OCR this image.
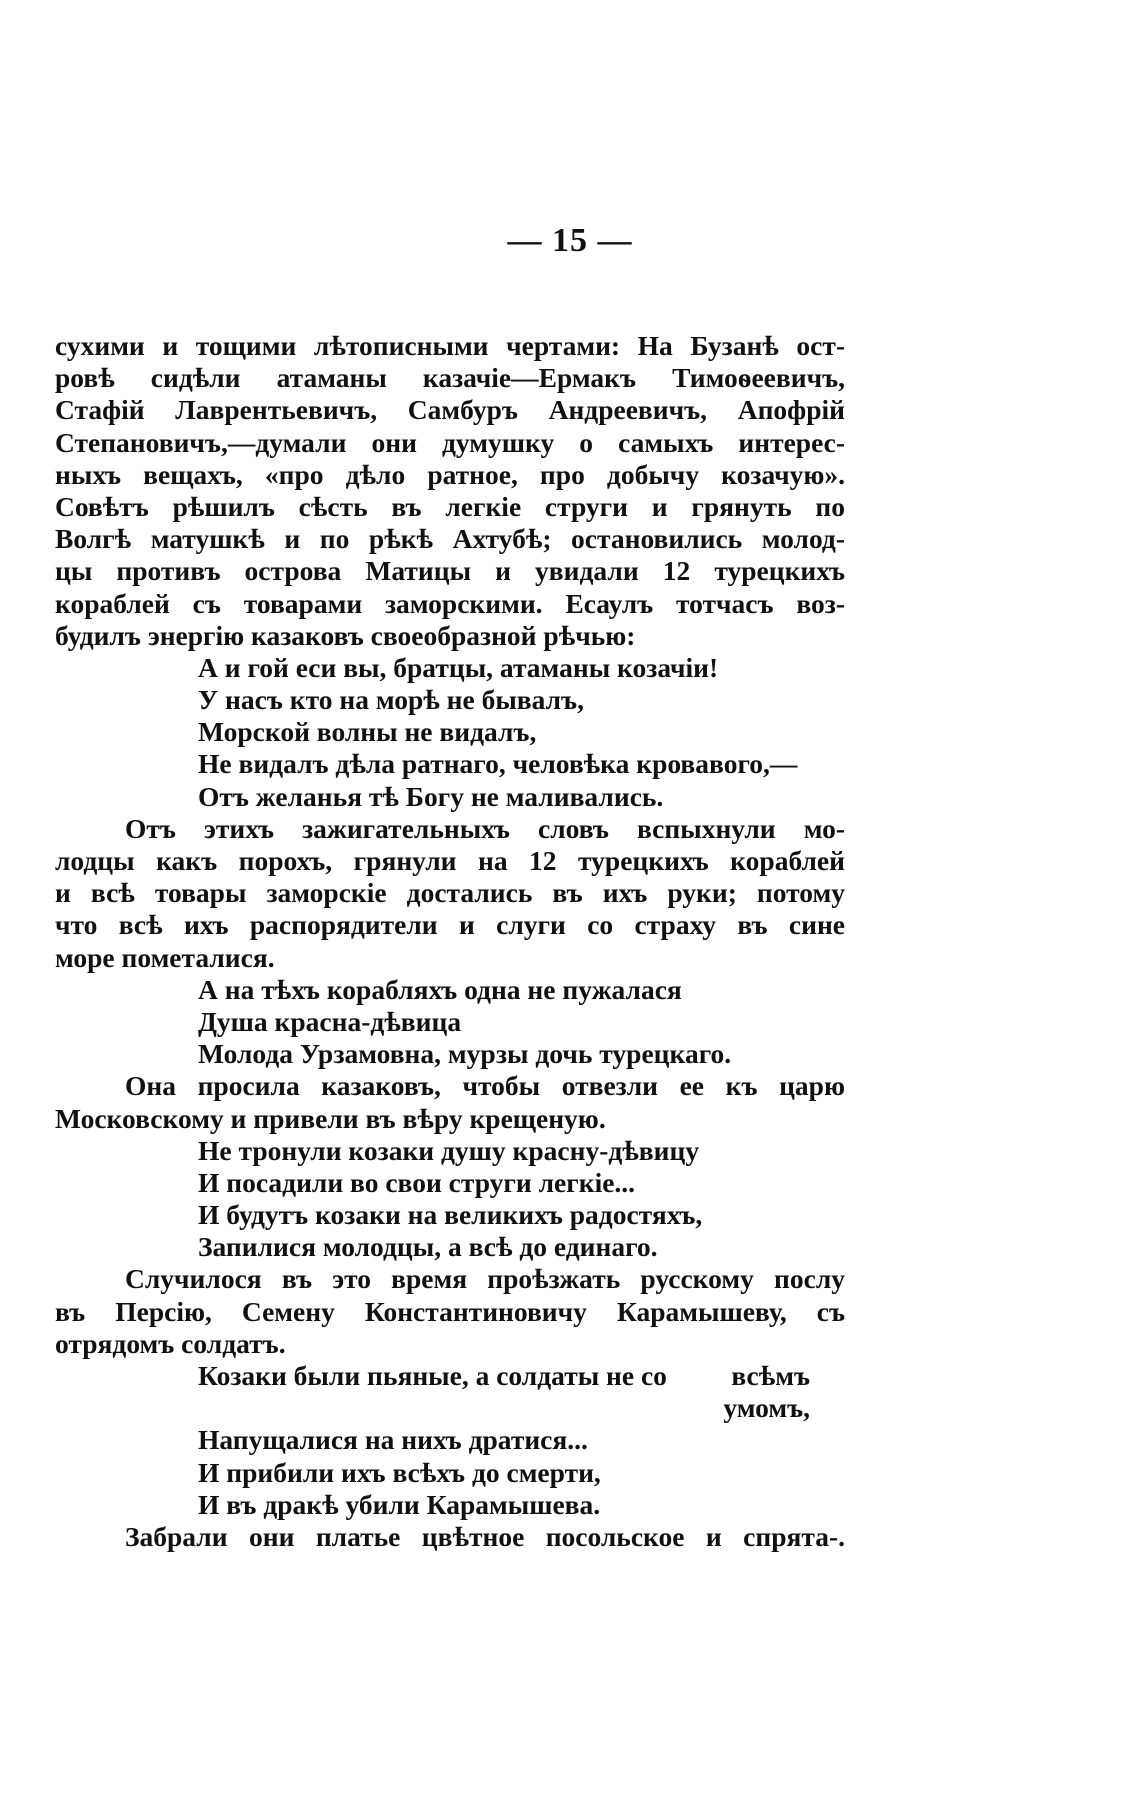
— 15 —
сухими и тощими лѣтописными чертами: На Бузанѣ ост-
ровѣ сидѣли атаманы казачіе—Ермакъ Тимоѳеевичъ,
Стафій Лаврентьевичъ, Самбуръ Андреевичъ, Апофрій
Степановичъ,—думали они думушку о самыхъ интерес-
ныхъ вещахъ, «про дѣло ратное, про добычу козачую».
Совѣтъ рѣшилъ сѣсть въ легкіе струги и грянуть по
Волгѣ матушкѣ и по рѣкѣ Ахтубѣ; остановились молод-
цы противъ острова Матицы и увидали 12 турецкихъ
кораблей съ товарами заморскими. Есаулъ тотчасъ воз-
будилъ энергію казаковъ своеобразной рѣчью:
А и гой еси вы, братцы, атаманы козачіи!
У насъ кто на морѣ не бывалъ,
Морской волны не видалъ,
Не видалъ дѣла ратнаго, человѣка кровавого,—
Отъ желанья тѣ Богу не маливались.
Отъ этихъ зажигательныхъ словъ вспыхнули мо-
лодцы какъ порохъ, грянули на 12 турецкихъ кораблей
и всѣ товары заморскіе достались въ ихъ руки; потому
что всѣ ихъ распорядители и слуги со страху въ сине
море пометалися.
А на тѣхъ корабляхъ одна не пужалася
Душа красна-дѣвица
Молода Урзамовна, мурзы дочь турецкаго.
Она просила казаковъ, чтобы отвезли ее къ царю
Московскому и привели въ вѣру крещеную.
Не тронули козаки душу красну-дѣвицу
И посадили во свои струги легкіе...
И будутъ козаки на великихъ радостяхъ,
Запилися молодцы, а всѣ до единаго.
Случилося въ это время проѣзжать русскому послу
въ Персію, Семену Константиновичу Карамышеву, съ
отрядомъ солдатъ.
Козаки были пьяные, а солдаты не со всѣмъ
умомъ,
Напущалися на нихъ дратися...
И прибили ихъ всѣхъ до смерти,
И въ дракѣ убили Карамышева.
Забрали они платье цвѣтное посольское и спрята-.
